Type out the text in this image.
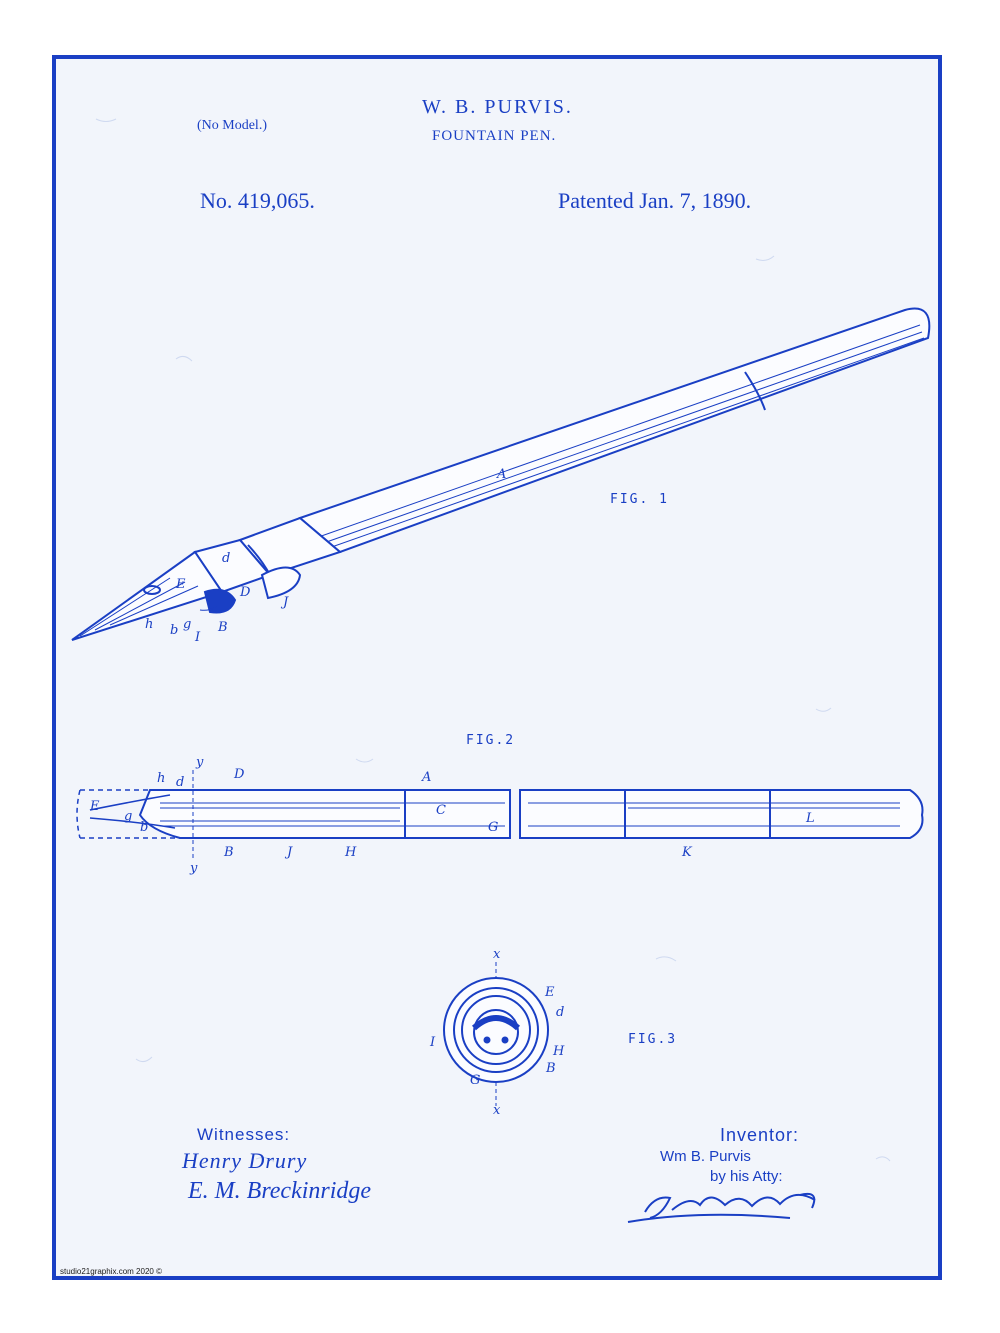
(No Model.)
W. B. PURVIS.
FOUNTAIN PEN.
No. 419,065.	Patented Jan. 7, 1890.
FIG. 1
FIG.2
FIG.3
A
d
E
D
J
B
I
h b g
h d
y
D	A
E
g
b
B	J	H
C
G
K
L
y
x
E
d
I
H
G
B
x
Witnesses:
Henry Drury
E. M. Breckinridge
Inventor:
Wm B. Purvis
by his Atty:
studio21graphix.com 2020 ©
